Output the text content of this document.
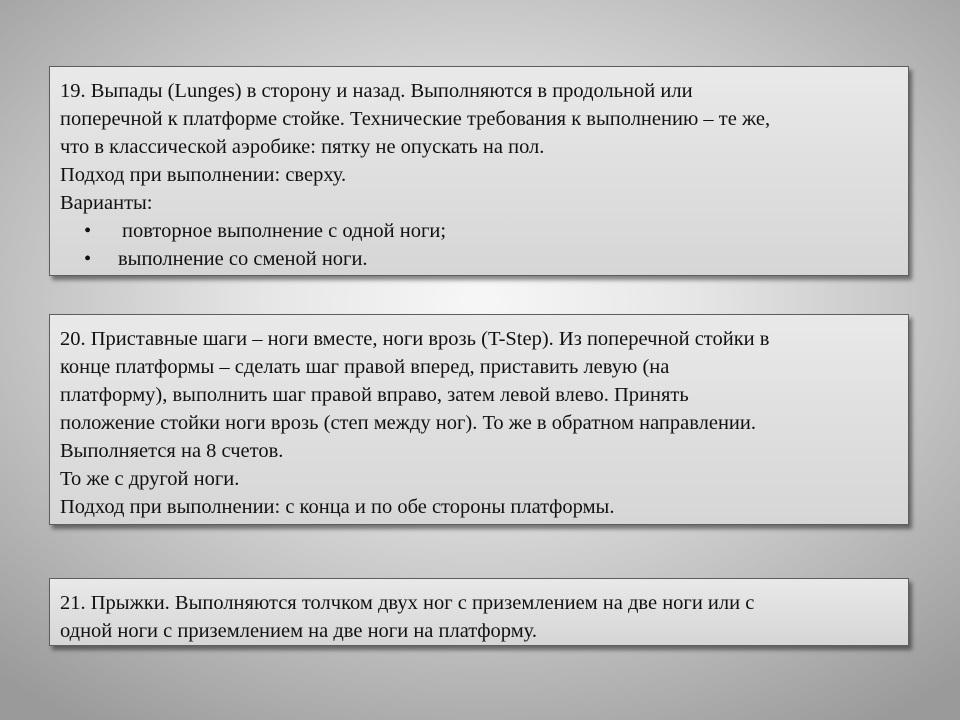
19. Выпады (Lunges) в сторону и назад. Выполняются в продольной или

поперечной к платформе стойке. Технические требования к выполнению – те же,

что в классической аэробике: пятку не опускать на пол.

Подход при выполнении: сверху.

Варианты:

• повторное выполнение с одной ноги;
• выполнение со сменой ноги.

20. Приставные шаги – ноги вместе, ноги врозь (T-Step). Из поперечной стойки в

конце платформы – сделать шаг правой вперед, приставить левую (на

платформу), выполнить шаг правой вправо, затем левой влево. Принять

положение стойки ноги врозь (степ между ног). То же в обратном направлении.

Выполняется на 8 счетов.

То же с другой ноги.

Подход при выполнении: с конца и по обе стороны платформы.

21. Прыжки. Выполняются толчком двух ног с приземлением на две ноги или с

одной ноги с приземлением на две ноги на платформу.
